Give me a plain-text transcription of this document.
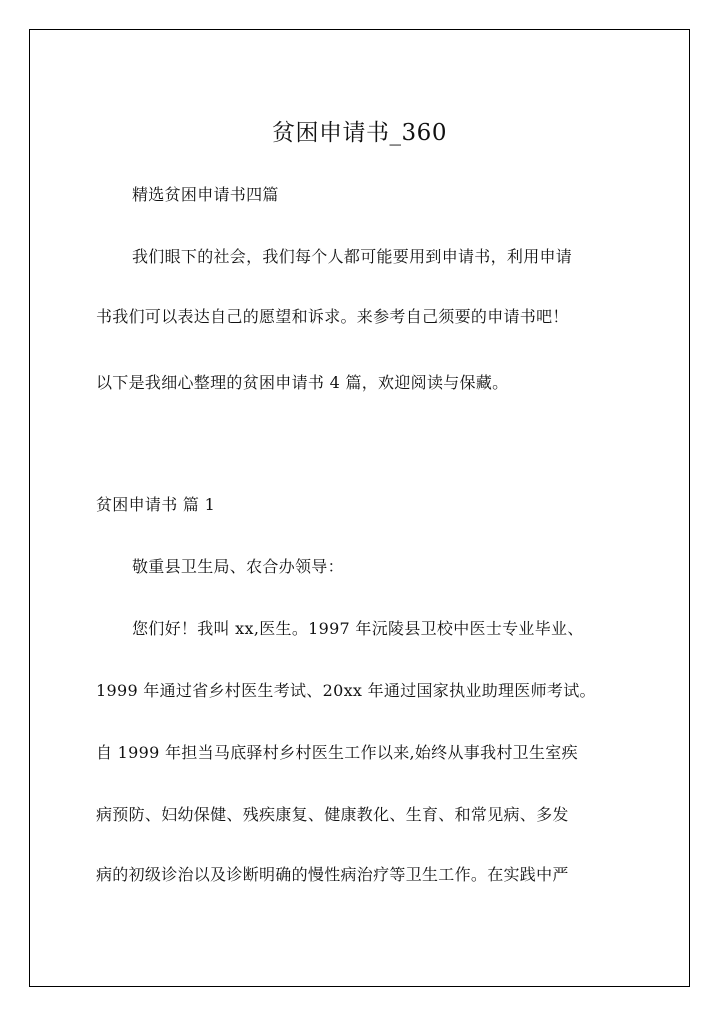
贫困申请书_360
精选贫困申请书四篇
我们眼下的社会，我们每个人都可能要用到申请书，利用申请
书我们可以表达自己的愿望和诉求。来参考自己须要的申请书吧！
以下是我细心整理的贫困申请书 4 篇，欢迎阅读与保藏。
贫困申请书 篇 1
敬重县卫生局、农合办领导：
您们好！我叫 xx,医生。1997 年沅陵县卫校中医士专业毕业、
1999 年通过省乡村医生考试、20xx 年通过国家执业助理医师考试。
自 1999 年担当马底驿村乡村医生工作以来,始终从事我村卫生室疾
病预防、妇幼保健、残疾康复、健康教化、生育、和常见病、多发
病的初级诊治以及诊断明确的慢性病治疗等卫生工作。在实践中严
